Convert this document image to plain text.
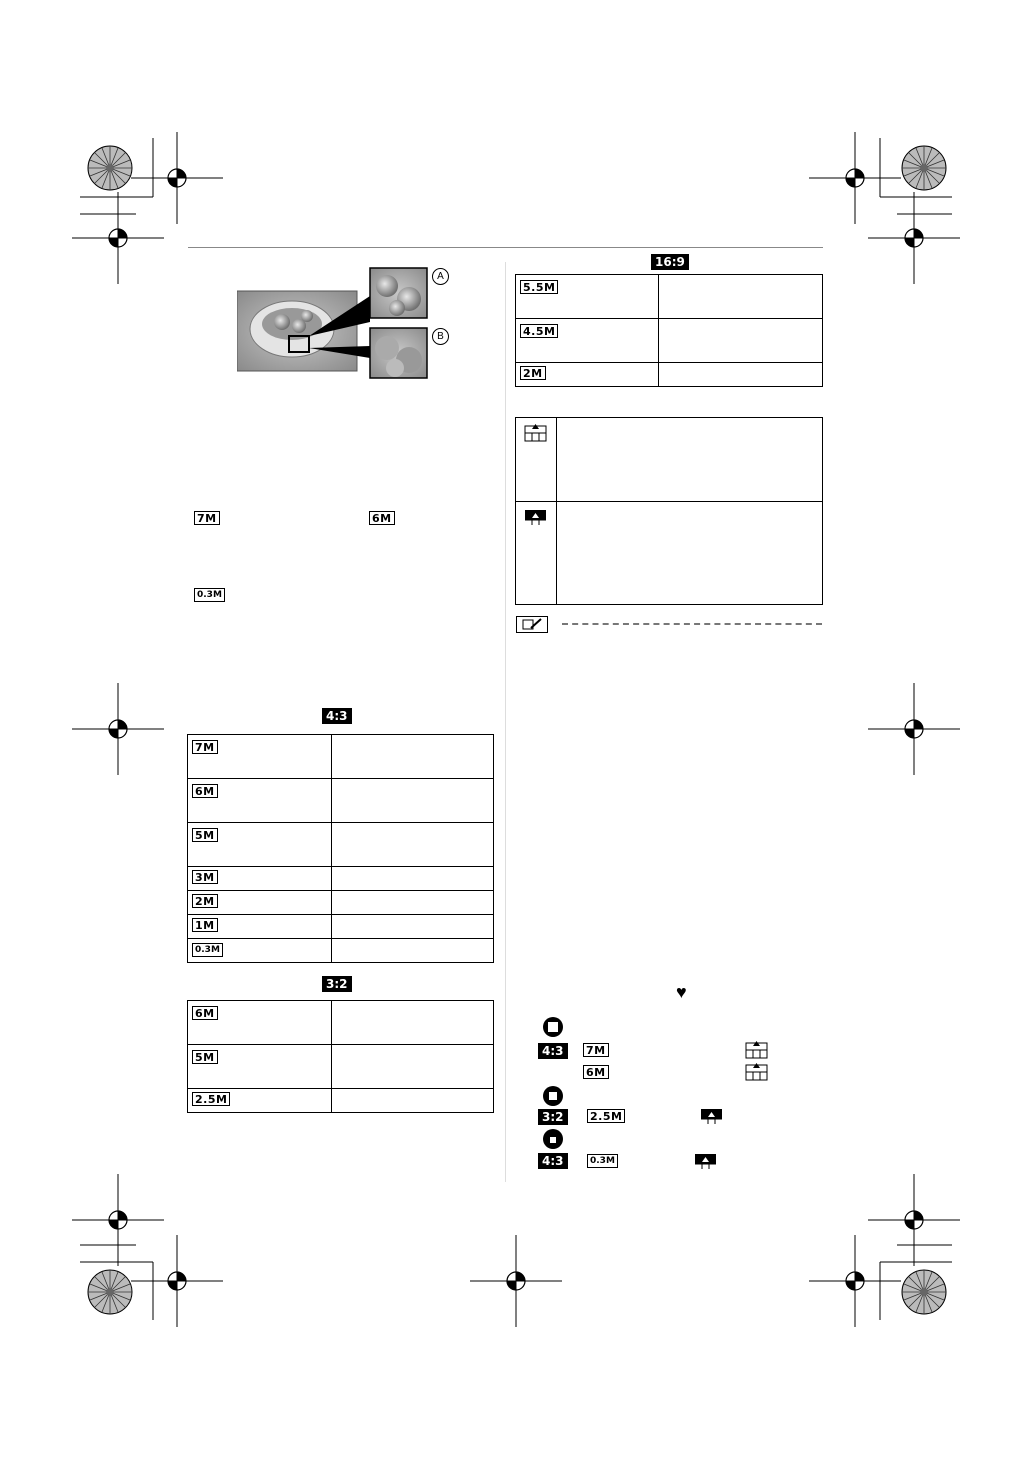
A
B
7M	6M
0.3M
4:3
7M	
6M	
5M	
3M	
2M	
1M	
0.3M	
3:2
6M	
5M	
2.5M	
16:9
5.5M	
4.5M	
2M	

♥
4:3	7M
6M
3:2	2.5M
4:3	0.3M
